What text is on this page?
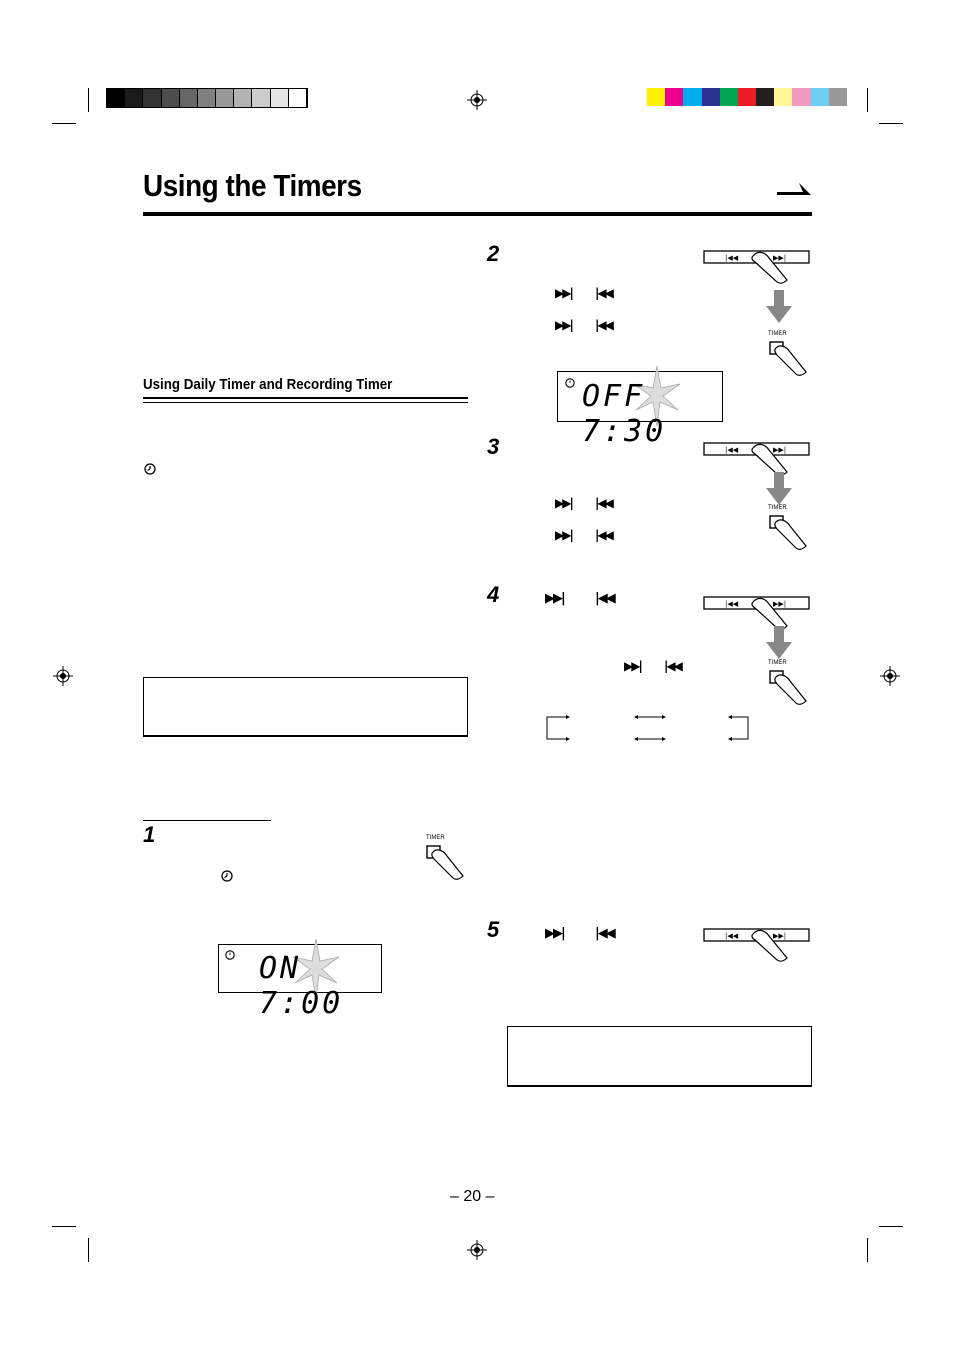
Using the Timers
Using Daily Timer and Recording Timer
1	TIMER
ON 7:00
2
▶▶| |◀◀
▶▶| |◀◀
|◀◀	▶▶|
TIMER
OFF 7:30
3
▶▶| |◀◀
▶▶| |◀◀
|◀◀	▶▶|
TIMER
4	▶▶| |◀◀
▶▶| |◀◀
|◀◀	▶▶|
TIMER
5	▶▶| |◀◀	|◀◀	▶▶|
– 20 –
